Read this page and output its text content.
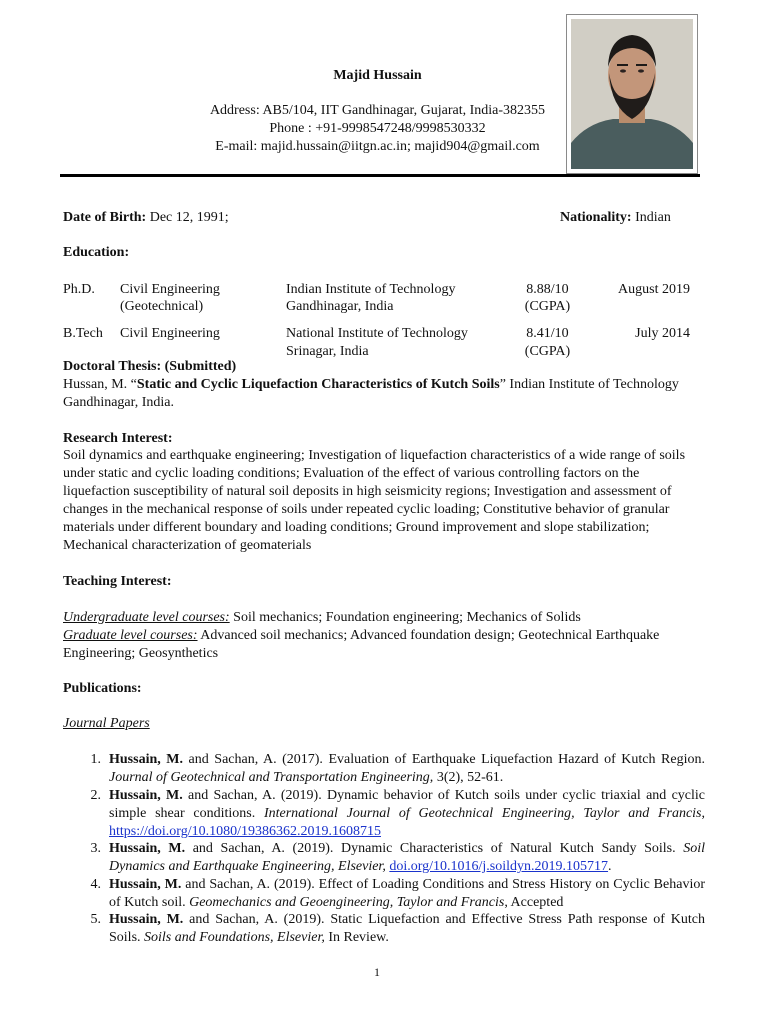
Majid Hussain
Address: AB5/104, IIT Gandhinagar, Gujarat, India-382355
Phone : +91-9998547248/9998530332
E-mail: majid.hussain@iitgn.ac.in; majid904@gmail.com
Date of Birth: Dec 12, 1991;	Nationality: Indian
Education:
Ph.D. Civil Engineering
(Geotechnical)
Indian Institute of Technology
Gandhinagar, India
8.88/10
(CGPA)
August 2019
B.Tech Civil Engineering	National Institute of Technology
Srinagar, India
8.41/10
(CGPA)
July 2014
Doctoral Thesis: (Submitted)
Hussan, M. “Static and Cyclic Liquefaction Characteristics of Kutch Soils” Indian Institute of Technology Gandhinagar, India.
Research Interest:
Soil dynamics and earthquake engineering; Investigation of liquefaction characteristics of a wide range of soils under static and cyclic loading conditions; Evaluation of the effect of various controlling factors on the liquefaction susceptibility of natural soil deposits in high seismicity regions; Investigation and assessment of changes in the mechanical response of soils under repeated cyclic loading; Constitutive behavior of granular materials under different boundary and loading conditions; Ground improvement and slope stabilization; Mechanical characterization of geomaterials
Teaching Interest:
Undergraduate level courses: Soil mechanics; Foundation engineering; Mechanics of Solids
Graduate level courses: Advanced soil mechanics; Advanced foundation design; Geotechnical Earthquake Engineering; Geosynthetics
Publications:
Journal Papers
1. Hussain, M. and Sachan, A. (2017). Evaluation of Earthquake Liquefaction Hazard of Kutch Region. Journal of Geotechnical and Transportation Engineering, 3(2), 52-61.
2. Hussain, M. and Sachan, A. (2019). Dynamic behavior of Kutch soils under cyclic triaxial and cyclic simple shear conditions. International Journal of Geotechnical Engineering, Taylor and Francis, https://doi.org/10.1080/19386362.2019.1608715
3. Hussain, M. and Sachan, A. (2019). Dynamic Characteristics of Natural Kutch Sandy Soils. Soil Dynamics and Earthquake Engineering, Elsevier, doi.org/10.1016/j.soildyn.2019.105717.
4. Hussain, M. and Sachan, A. (2019). Effect of Loading Conditions and Stress History on Cyclic Behavior of Kutch soil. Geomechanics and Geoengineering, Taylor and Francis, Accepted
5. Hussain, M. and Sachan, A. (2019). Static Liquefaction and Effective Stress Path response of Kutch Soils. Soils and Foundations, Elsevier, In Review.
1
